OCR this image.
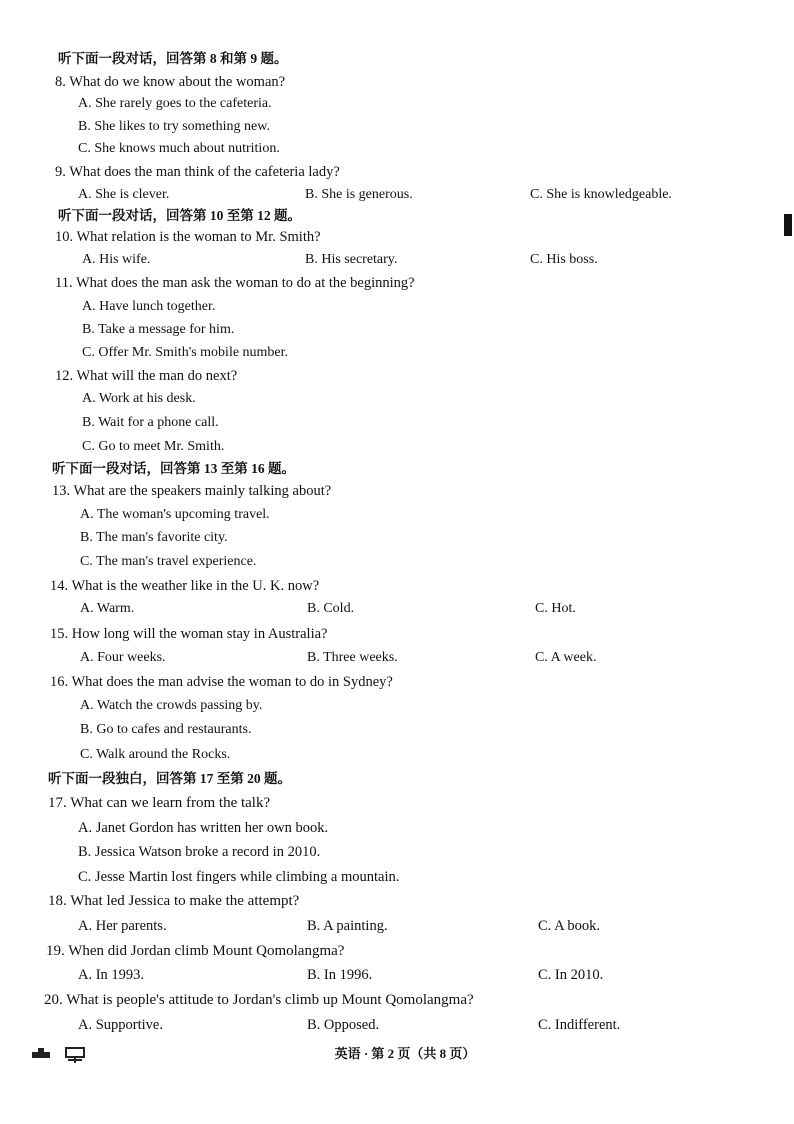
听下面一段对话，回答第 8 和第 9 题。
8. What do we know about the woman?
A. She rarely goes to the cafeteria.
B. She likes to try something new.
C. She knows much about nutrition.
9. What does the man think of the cafeteria lady?
A. She is clever.	B. She is generous.	C. She is knowledgeable.
听下面一段对话，回答第 10 至第 12 题。
10. What relation is the woman to Mr. Smith?
A. His wife.	B. His secretary.	C. His boss.
11. What does the man ask the woman to do at the beginning?
A. Have lunch together.
B. Take a message for him.
C. Offer Mr. Smith's mobile number.
12. What will the man do next?
A. Work at his desk.
B. Wait for a phone call.
C. Go to meet Mr. Smith.
听下面一段对话，回答第 13 至第 16 题。
13. What are the speakers mainly talking about?
A. The woman's upcoming travel.
B. The man's favorite city.
C. The man's travel experience.
14. What is the weather like in the U. K. now?
A. Warm.	B. Cold.	C. Hot.
15. How long will the woman stay in Australia?
A. Four weeks.	B. Three weeks.	C. A week.
16. What does the man advise the woman to do in Sydney?
A. Watch the crowds passing by.
B. Go to cafes and restaurants.
C. Walk around the Rocks.
听下面一段独白，回答第 17 至第 20 题。
17. What can we learn from the talk?
A. Janet Gordon has written her own book.
B. Jessica Watson broke a record in 2010.
C. Jesse Martin lost fingers while climbing a mountain.
18. What led Jessica to make the attempt?
A. Her parents.	B. A painting.	C. A book.
19. When did Jordan climb Mount Qomolangma?
A. In 1993.	B. In 1996.	C. In 2010.
20. What is people's attitude to Jordan's climb up Mount Qomolangma?
A. Supportive.	B. Opposed.	C. Indifferent.
英语 · 第 2 页（共 8 页）
